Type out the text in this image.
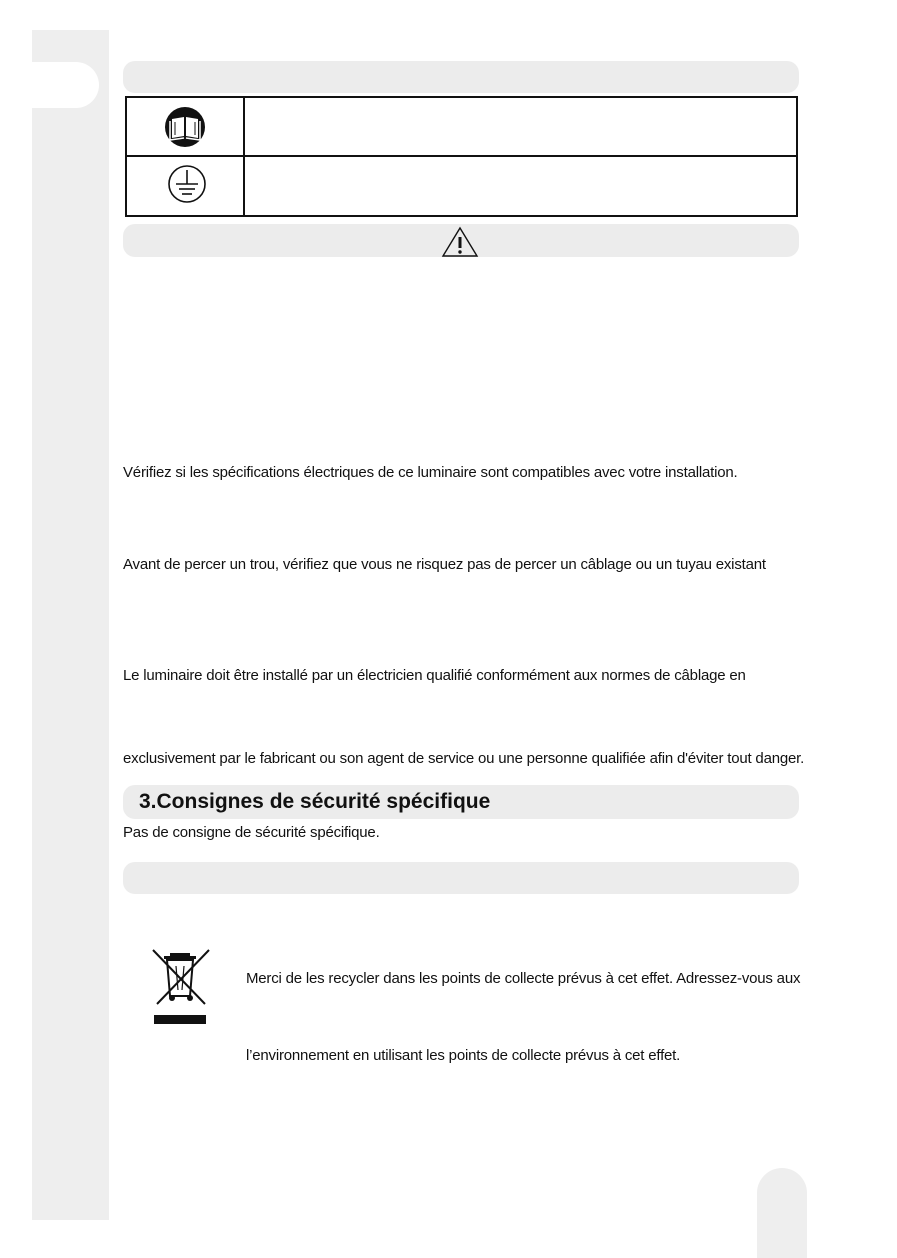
Vérifiez si les spécifications électriques de ce luminaire sont compatibles avec votre installation.
Avant de percer un trou, vérifiez que vous ne risquez pas de percer un câblage ou un tuyau existant
Le luminaire doit être installé par un électricien qualifié conformément aux normes de câblage en
exclusivement par le fabricant ou son agent de service ou une personne qualifiée afin d'éviter tout danger.
3.Consignes de sécurité spécifique
Pas de consigne de sécurité spécifique.
Merci de les recycler dans les points de collecte prévus à cet effet. Adressez-vous aux
l’environnement en utilisant les points de collecte prévus à cet effet.
